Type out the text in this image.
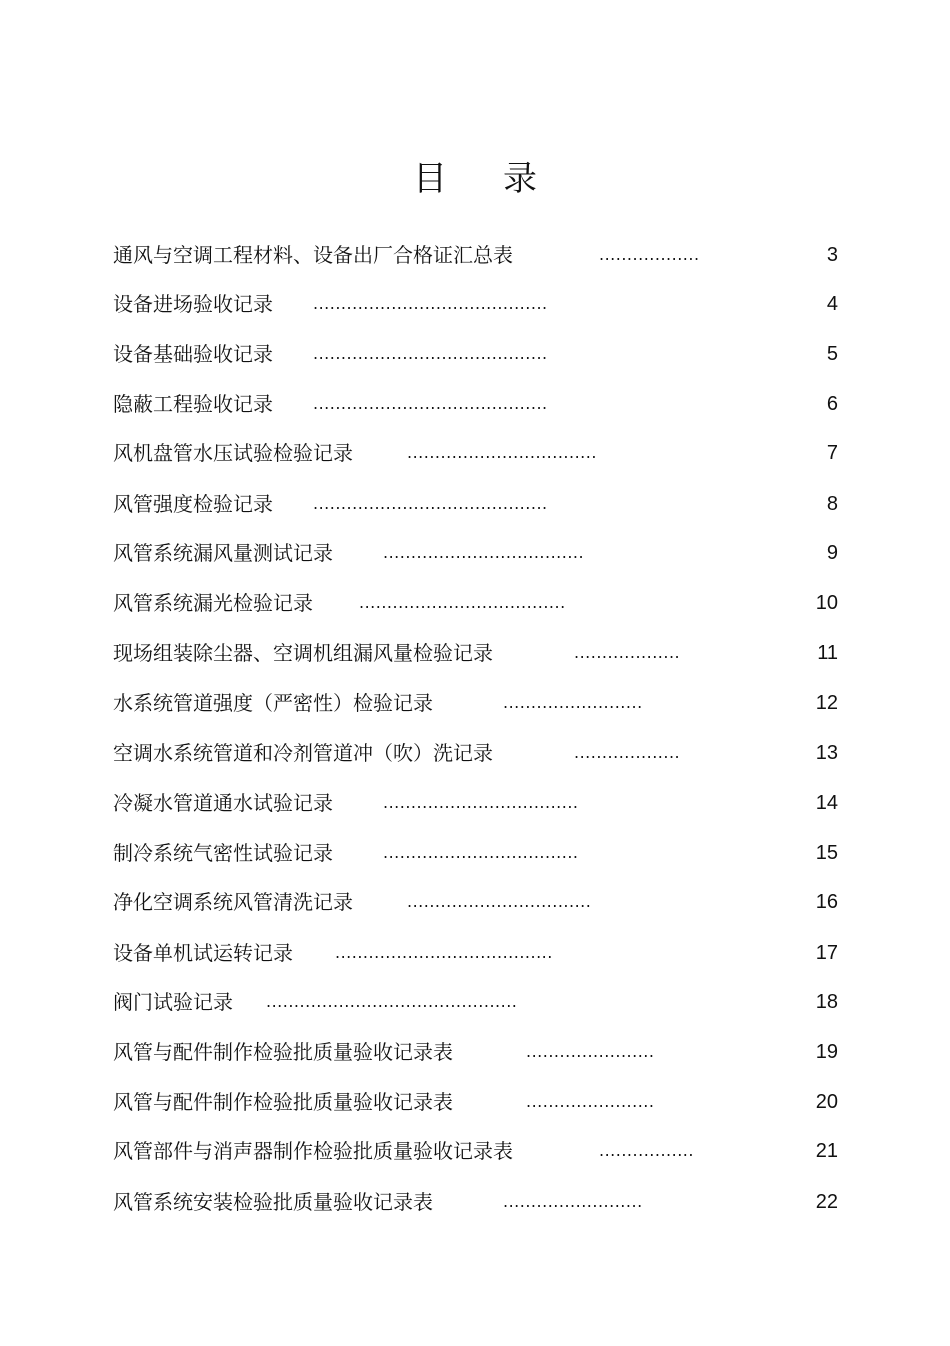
目 录
通风与空调工程材料、设备出厂合格证汇总表	..................	3
设备进场验收记录	..........................................	4
设备基础验收记录	..........................................	5
隐蔽工程验收记录	..........................................	6
风机盘管水压试验检验记录	..................................	7
风管强度检验记录	..........................................	8
风管系统漏风量测试记录	....................................	9
风管系统漏光检验记录	.....................................	10
现场组装除尘器、空调机组漏风量检验记录	...................	11
水系统管道强度（严密性）检验记录	.........................	12
空调水系统管道和冷剂管道冲（吹）洗记录	...................	13
冷凝水管道通水试验记录	...................................	14
制冷系统气密性试验记录	...................................	15
净化空调系统风管清洗记录	.................................	16
设备单机试运转记录	.......................................	17
阀门试验记录 .............................................	18
风管与配件制作检验批质量验收记录表	.......................	19
风管与配件制作检验批质量验收记录表	.......................	20
风管部件与消声器制作检验批质量验收记录表	.................	21
风管系统安装检验批质量验收记录表	.........................	22
